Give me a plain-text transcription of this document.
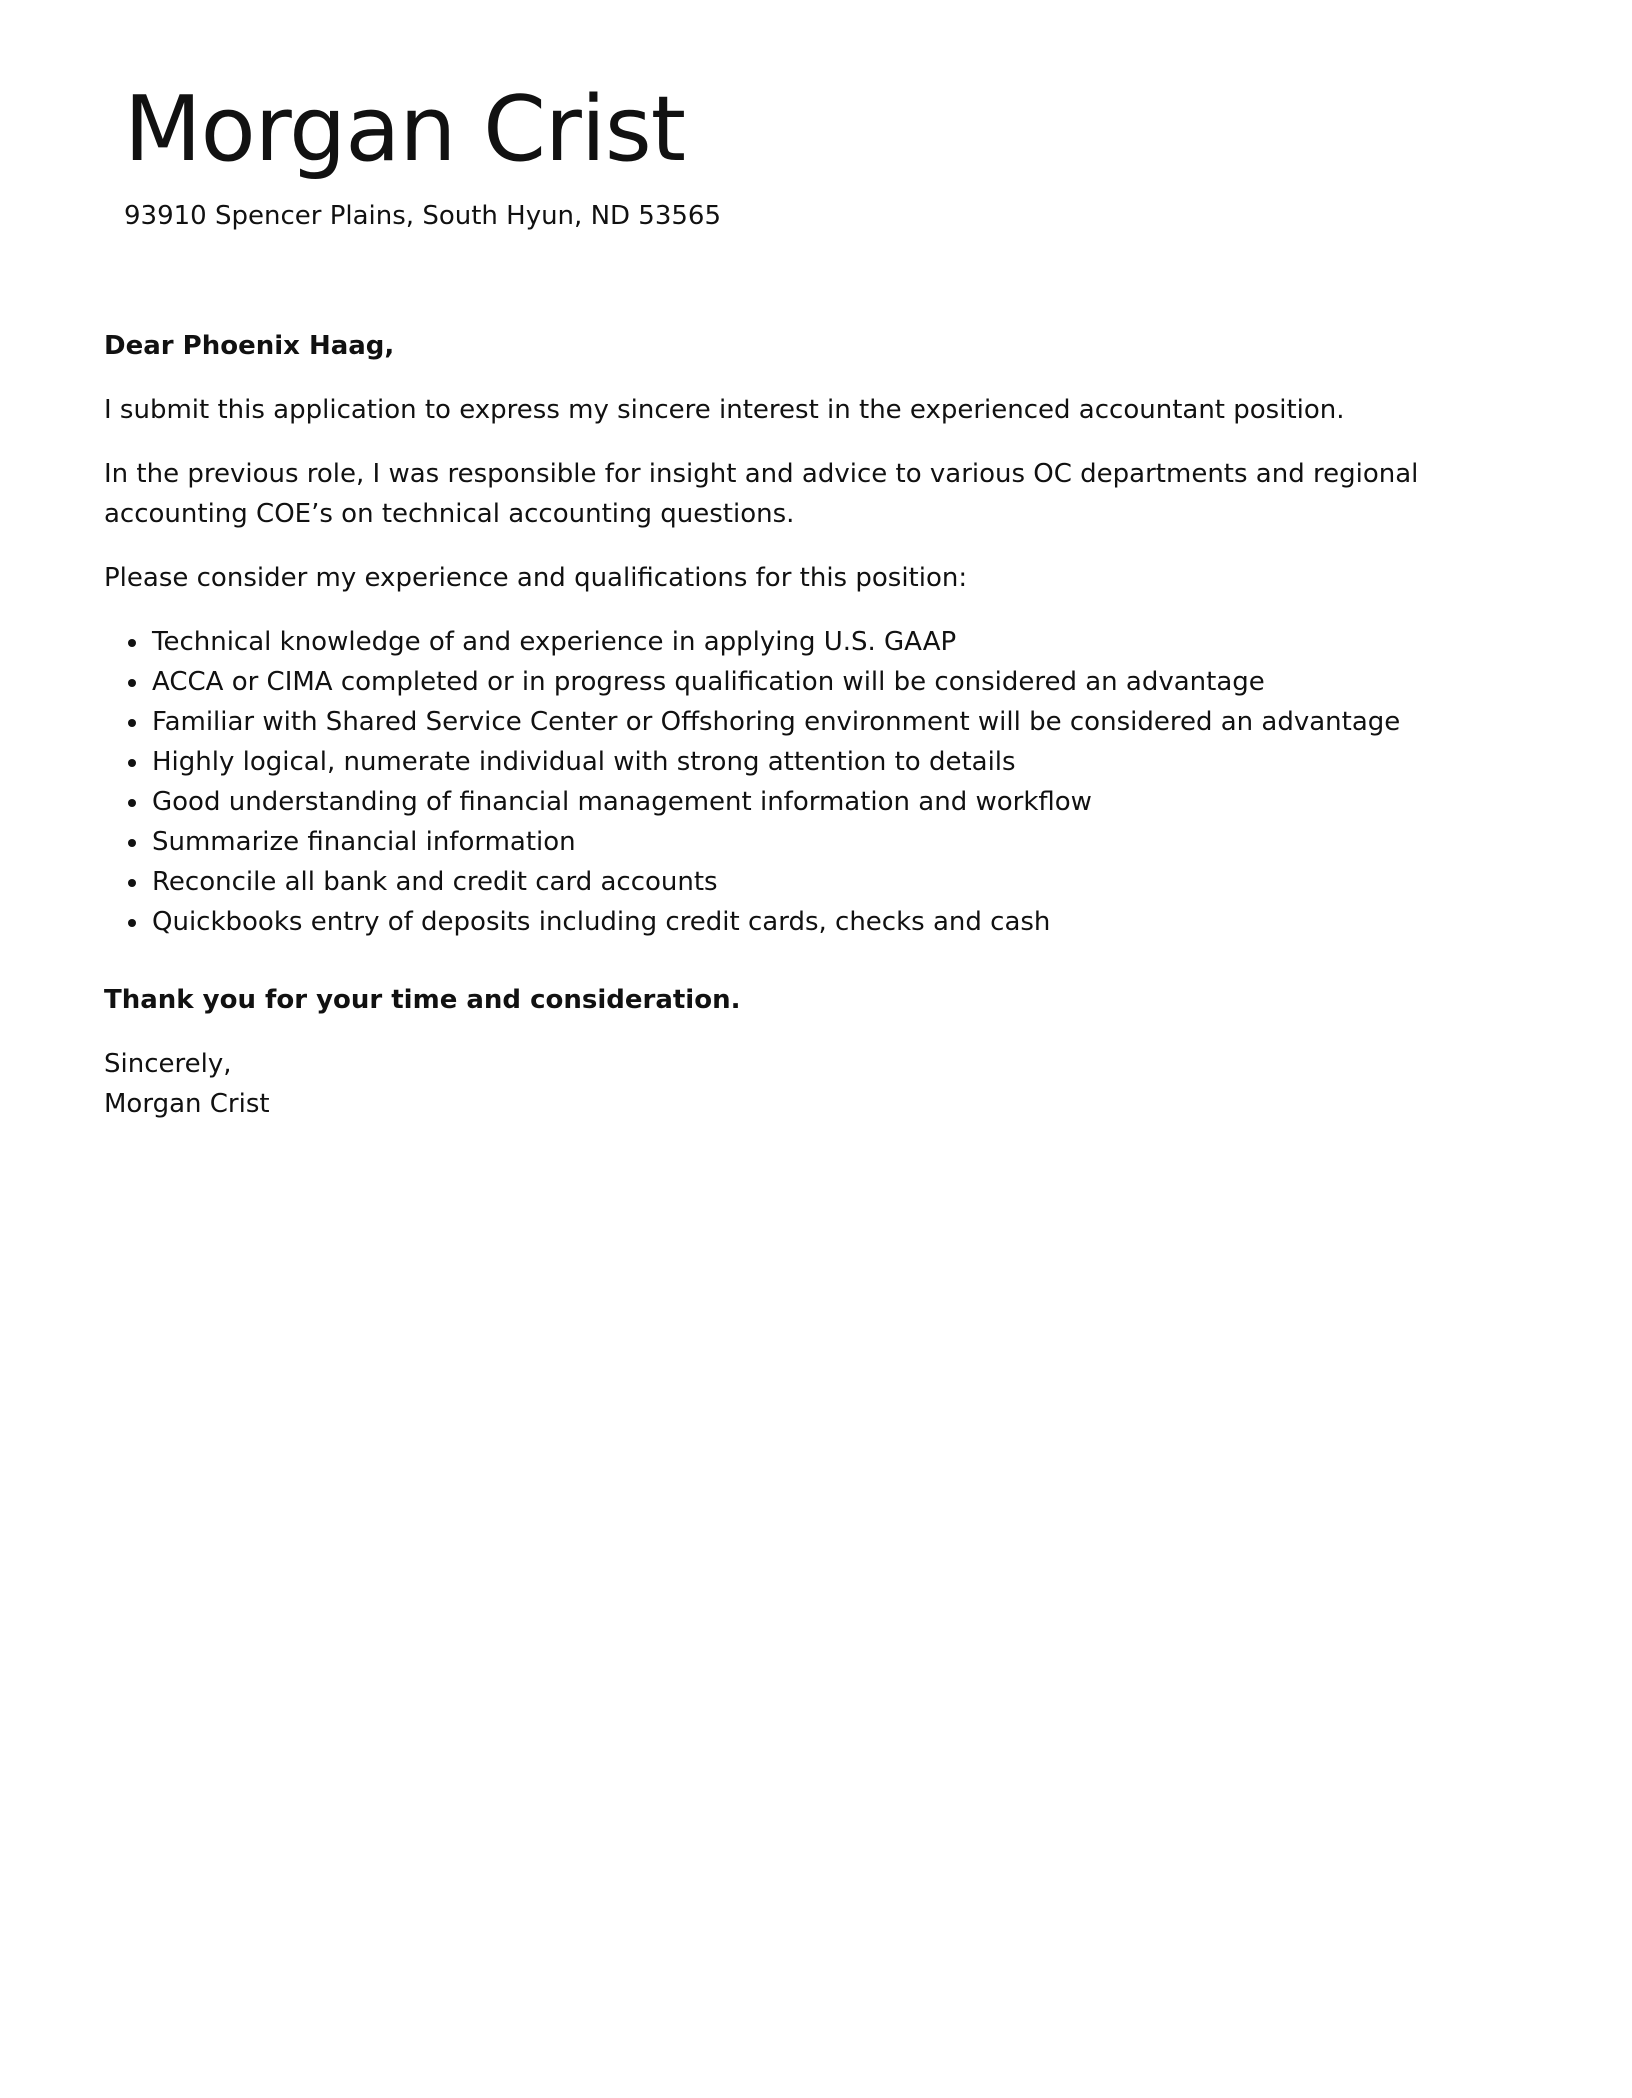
Morgan Crist

93910 Spencer Plains, South Hyun, ND 53565

Dear Phoenix Haag,

I submit this application to express my sincere interest in the experienced accountant position.

In the previous role, I was responsible for insight and advice to various OC departments and regional accounting COE’s on technical accounting questions.

Please consider my experience and qualifications for this position:

Technical knowledge of and experience in applying U.S. GAAP
ACCA or CIMA completed or in progress qualification will be considered an advantage
Familiar with Shared Service Center or Offshoring environment will be considered an advantage
Highly logical, numerate individual with strong attention to details
Good understanding of financial management information and workflow
Summarize financial information
Reconcile all bank and credit card accounts
Quickbooks entry of deposits including credit cards, checks and cash

Thank you for your time and consideration.

Sincerely,
Morgan Crist
